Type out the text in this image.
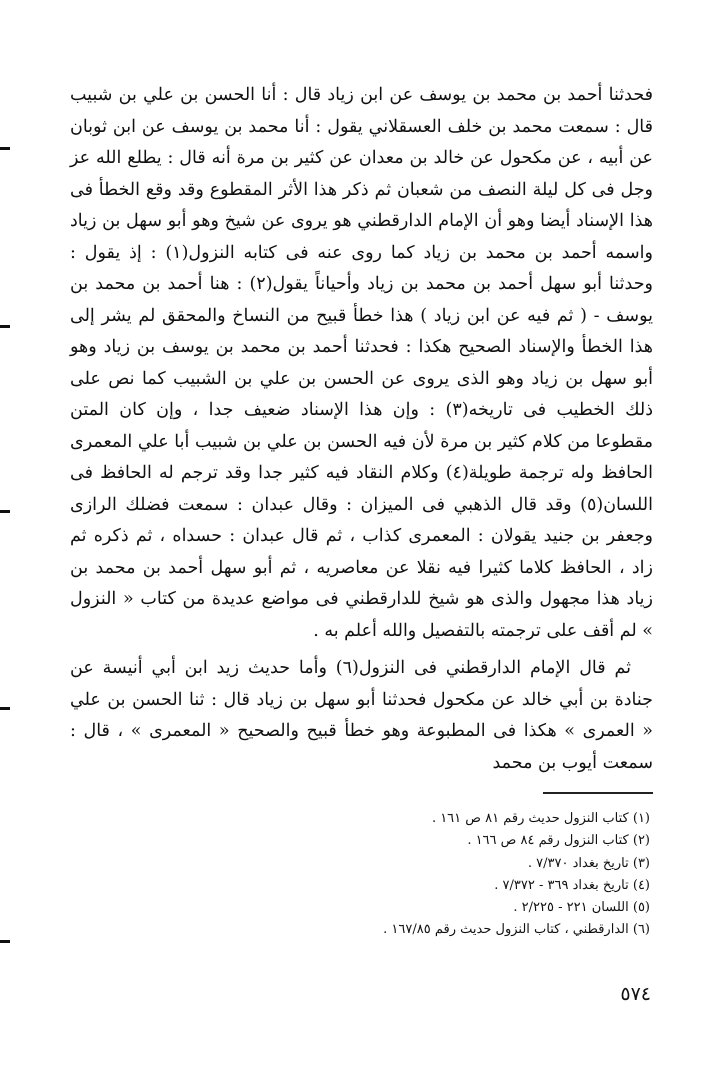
فحدثنا أحمد بن محمد بن يوسف عن ابن زياد قال : أنا الحسن بن علي بن شبيب قال : سمعت محمد بن خلف العسقلاني يقول : أنا محمد بن يوسف عن ابن ثوبان عن أبيه ، عن مكحول عن خالد بن معدان عن كثير بن مرة أنه قال : يطلع الله عز وجل فى كل ليلة النصف من شعبان ثم ذكر هذا الأثر المقطوع وقد وقع الخطأ فى هذا الإسناد أيضا وهو أن الإمام الدارقطني هو يروى عن شيخ وهو أبو سهل بن زياد واسمه أحمد بن محمد بن زياد كما روى عنه فى كتابه النزول(١) : إذ يقول : وحدثنا أبو سهل أحمد بن محمد بن زياد وأحياناً يقول(٢) : هنا أحمد بن محمد بن يوسف - ( ثم فيه عن ابن زياد ) هذا خطأ قبيح من النساخ والمحقق لم يشر إلى هذا الخطأ والإسناد الصحيح هكذا : فحدثنا أحمد بن محمد بن يوسف بن زياد وهو أبو سهل بن زياد وهو الذى يروى عن الحسن بن علي بن الشبيب كما نص على ذلك الخطيب فى تاريخه(٣) : وإن هذا الإسناد ضعيف جدا ، وإن كان المتن مقطوعا من كلام كثير بن مرة لأن فيه الحسن بن علي بن شبيب أبا علي المعمرى الحافظ وله ترجمة طويلة(٤) وكلام النقاد فيه كثير جدا وقد ترجم له الحافظ فى اللسان(٥) وقد قال الذهبي فى الميزان : وقال عبدان : سمعت فضلك الرازى وجعفر بن جنيد يقولان : المعمرى كذاب ، ثم قال عبدان : حسداه ، ثم ذكره ثم زاد ، الحافظ كلاما كثيرا فيه نقلا عن معاصريه ، ثم أبو سهل أحمد بن محمد بن زياد هذا مجهول والذى هو شيخ للدارقطني فى مواضع عديدة من كتاب « النزول » لم أقف على ترجمته بالتفصيل والله أعلم به .

ثم قال الإمام الدارقطني فى النزول(٦) وأما حديث زيد ابن أبي أنيسة عن جنادة بن أبي خالد عن مكحول فحدثنا أبو سهل بن زياد قال : ثنا الحسن بن علي « العمرى » هكذا فى المطبوعة وهو خطأ قبيح والصحيح « المعمرى » ، قال : سمعت أيوب بن محمد

(١) كتاب النزول حديث رقم ٨١ ص ١٦١ .
(٢) كتاب النزول رقم ٨٤ ص ١٦٦ .
(٣) تاريخ بغداد ٧/٣٧٠ .
(٤) تاريخ بغداد ٣٦٩ - ٧/٣٧٢ .
(٥) اللسان ٢٢١ - ٢/٢٢٥ .
(٦) الدارقطني ، كتاب النزول حديث رقم ١٦٧/٨٥ .
٥٧٤
